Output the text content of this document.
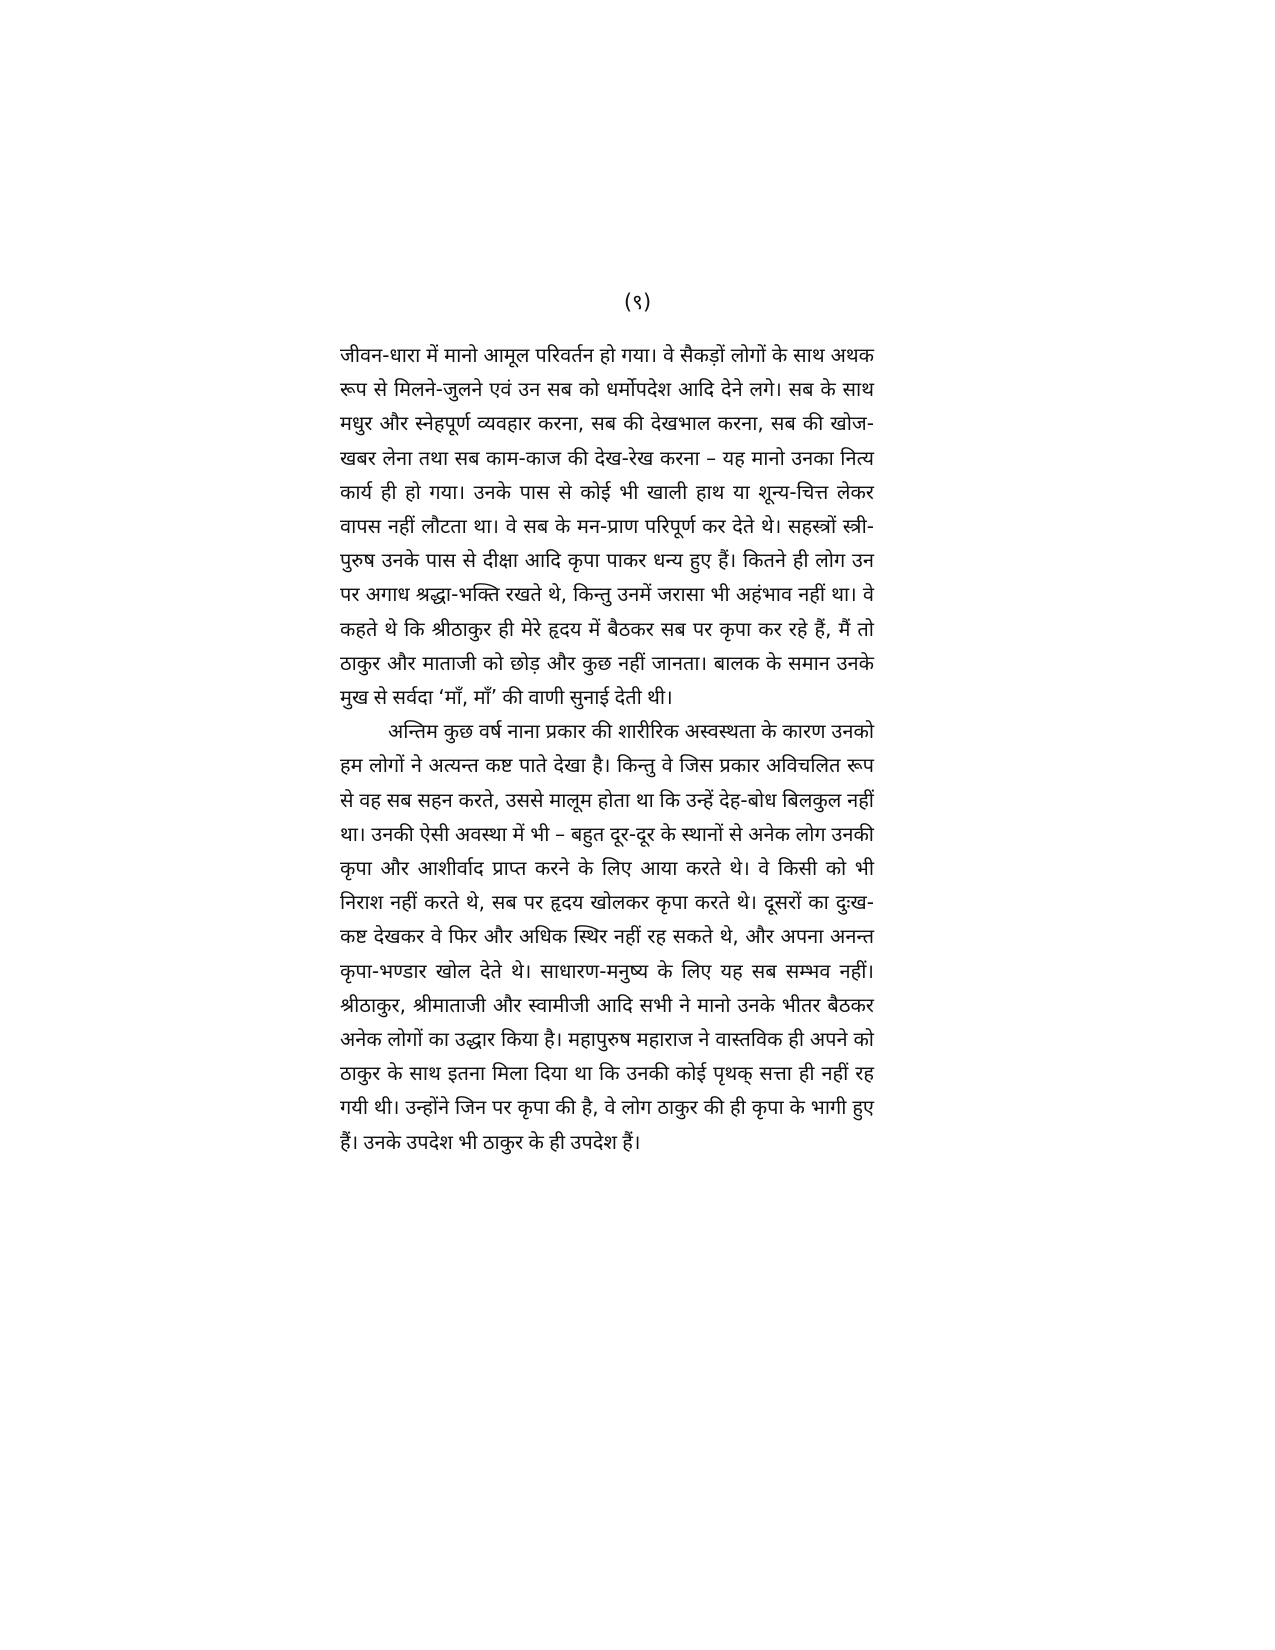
(९)

जीवन-धारा में मानो आमूल परिवर्तन हो गया। वे सैकड़ों लोगों के साथ अथक रूप से मिलने-जुलने एवं उन सब को धर्मोपदेश आदि देने लगे। सब के साथ मधुर और स्नेहपूर्ण व्यवहार करना, सब की देखभाल करना, सब की खोज-खबर लेना तथा सब काम-काज की देख-रेख करना – यह मानो उनका नित्य कार्य ही हो गया। उनके पास से कोई भी खाली हाथ या शून्य-चित्त लेकर वापस नहीं लौटता था। वे सब के मन-प्राण परिपूर्ण कर देते थे। सहस्त्रों स्त्री-पुरुष उनके पास से दीक्षा आदि कृपा पाकर धन्य हुए हैं। कितने ही लोग उन पर अगाध श्रद्धा-भक्ति रखते थे, किन्तु उनमें जरासा भी अहंभाव नहीं था। वे कहते थे कि श्रीठाकुर ही मेरे हृदय में बैठकर सब पर कृपा कर रहे हैं, मैं तो ठाकुर और माताजी को छोड़ और कुछ नहीं जानता। बालक के समान उनके मुख से सर्वदा ‘माँ, माँ’ की वाणी सुनाई देती थी।

अन्तिम कुछ वर्ष नाना प्रकार की शारीरिक अस्वस्थता के कारण उनको हम लोगों ने अत्यन्त कष्ट पाते देखा है। किन्तु वे जिस प्रकार अविचलित रूप से वह सब सहन करते, उससे मालूम होता था कि उन्हें देह-बोध बिलकुल नहीं था। उनकी ऐसी अवस्था में भी – बहुत दूर-दूर के स्थानों से अनेक लोग उनकी कृपा और आशीर्वाद प्राप्त करने के लिए आया करते थे। वे किसी को भी निराश नहीं करते थे, सब पर हृदय खोलकर कृपा करते थे। दूसरों का दुःख-कष्ट देखकर वे फिर और अधिक स्थिर नहीं रह सकते थे, और अपना अनन्त कृपा-भण्डार खोल देते थे। साधारण-मनुष्य के लिए यह सब सम्भव नहीं। श्रीठाकुर, श्रीमाताजी और स्वामीजी आदि सभी ने मानो उनके भीतर बैठकर अनेक लोगों का उद्धार किया है। महापुरुष महाराज ने वास्तविक ही अपने को ठाकुर के साथ इतना मिला दिया था कि उनकी कोई पृथक् सत्ता ही नहीं रह गयी थी। उन्होंने जिन पर कृपा की है, वे लोग ठाकुर की ही कृपा के भागी हुए हैं। उनके उपदेश भी ठाकुर के ही उपदेश हैं।
